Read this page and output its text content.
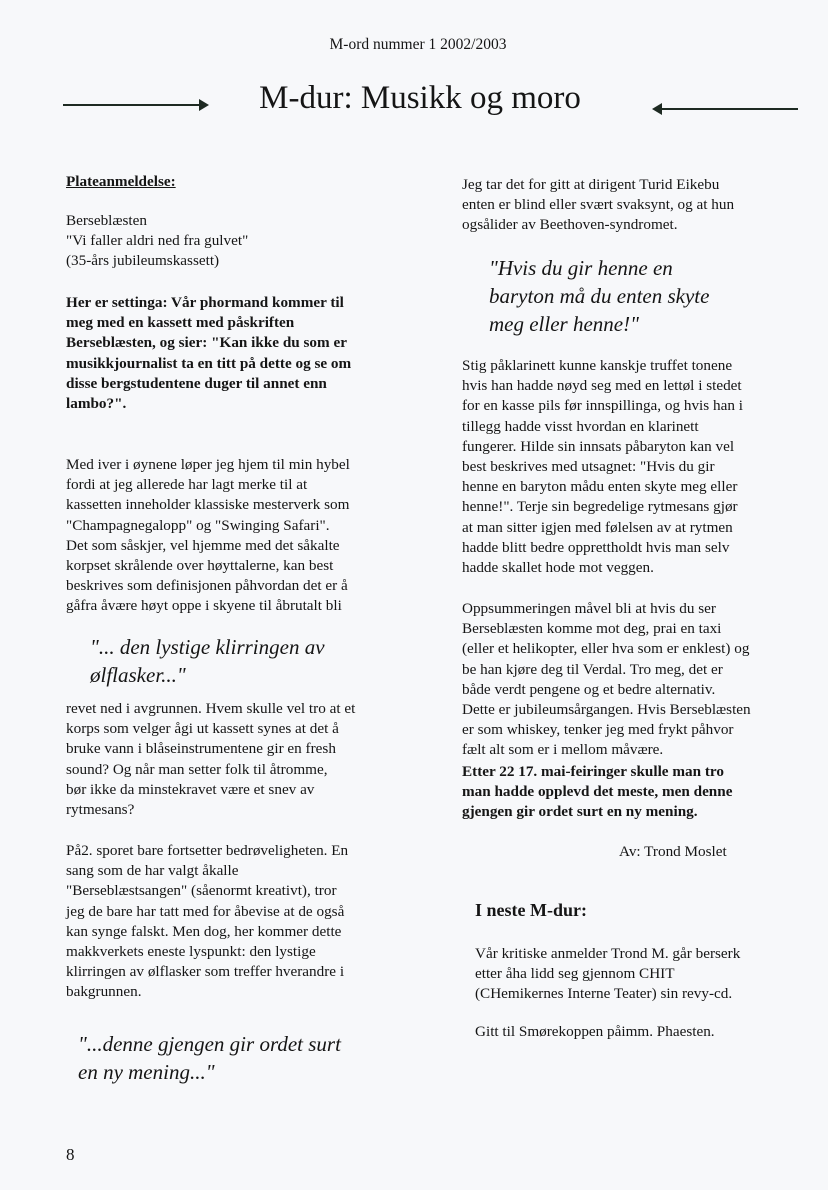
M-ord nummer 1 2002/2003
M-dur: Musikk og moro
Plateanmeldelse:
Berseblæsten
"Vi faller aldri ned fra gulvet"
(35-års jubileumskassett)
Her er settinga: Vår phormand kommer til
meg med en kassett med påskriften
Berseblæsten, og sier: "Kan ikke du som er
musikkjournalist ta en titt på dette og se om
disse bergstudentene duger til annet enn
lambo?".
Med iver i øynene løper jeg hjem til min hybel
fordi at jeg allerede har lagt merke til at
kassetten inneholder klassiske mesterverk som
"Champagnegalopp" og "Swinging Safari".
Det som såskjer, vel hjemme med det såkalte
korpset skrålende over høyttalerne, kan best
beskrives som definisjonen påhvordan det er å
gåfra åvære høyt oppe i skyene til åbrutalt bli
"... den lystige klirringen av
ølflasker..."
revet ned i avgrunnen. Hvem skulle vel tro at et
korps som velger ågi ut kassett synes at det å
bruke vann i blåseinstrumentene gir en fresh
sound? Og når man setter folk til åtromme,
bør ikke da minstekravet være et snev av
rytmesans?
På2. sporet bare fortsetter bedrøveligheten. En
sang som de har valgt åkalle
"Berseblæstsangen" (såenormt kreativt), tror
jeg de bare har tatt med for åbevise at de også
kan synge falskt. Men dog, her kommer dette
makkverkets eneste lyspunkt: den lystige
klirringen av ølflasker som treffer hverandre i
bakgrunnen.
"...denne gjengen gir ordet surt
en ny mening..."
8
Jeg tar det for gitt at dirigent Turid Eikebu
enten er blind eller svært svaksynt, og at hun
ogsålider av Beethoven-syndromet.
"Hvis du gir henne en
baryton må du enten skyte
meg eller henne!"
Stig påklarinett kunne kanskje truffet tonene
hvis han hadde nøyd seg med en lettøl i stedet
for en kasse pils før innspillinga, og hvis han i
tillegg hadde visst hvordan en klarinett
fungerer. Hilde sin innsats påbaryton kan vel
best beskrives med utsagnet: "Hvis du gir
henne en baryton mådu enten skyte meg eller
henne!". Terje sin begredelige rytmesans gjør
at man sitter igjen med følelsen av at rytmen
hadde blitt bedre opprettholdt hvis man selv
hadde skallet hode mot veggen.
Oppsummeringen måvel bli at hvis du ser
Berseblæsten komme mot deg, prai en taxi
(eller et helikopter, eller hva som er enklest) og
be han kjøre deg til Verdal. Tro meg, det er
både verdt pengene og et bedre alternativ.
Dette er jubileumsårgangen. Hvis Berseblæsten
er som whiskey, tenker jeg med frykt påhvor
fælt alt som er i mellom måvære.
Etter 22 17. mai-feiringer skulle man tro
man hadde opplevd det meste, men denne
gjengen gir ordet surt en ny mening.
Av: Trond Moslet
I neste M-dur:
Vår kritiske anmelder Trond M. går berserk
etter åha lidd seg gjennom CHIT
(CHemikernes Interne Teater) sin revy-cd.
Gitt til Smørekoppen påimm. Phaesten.
